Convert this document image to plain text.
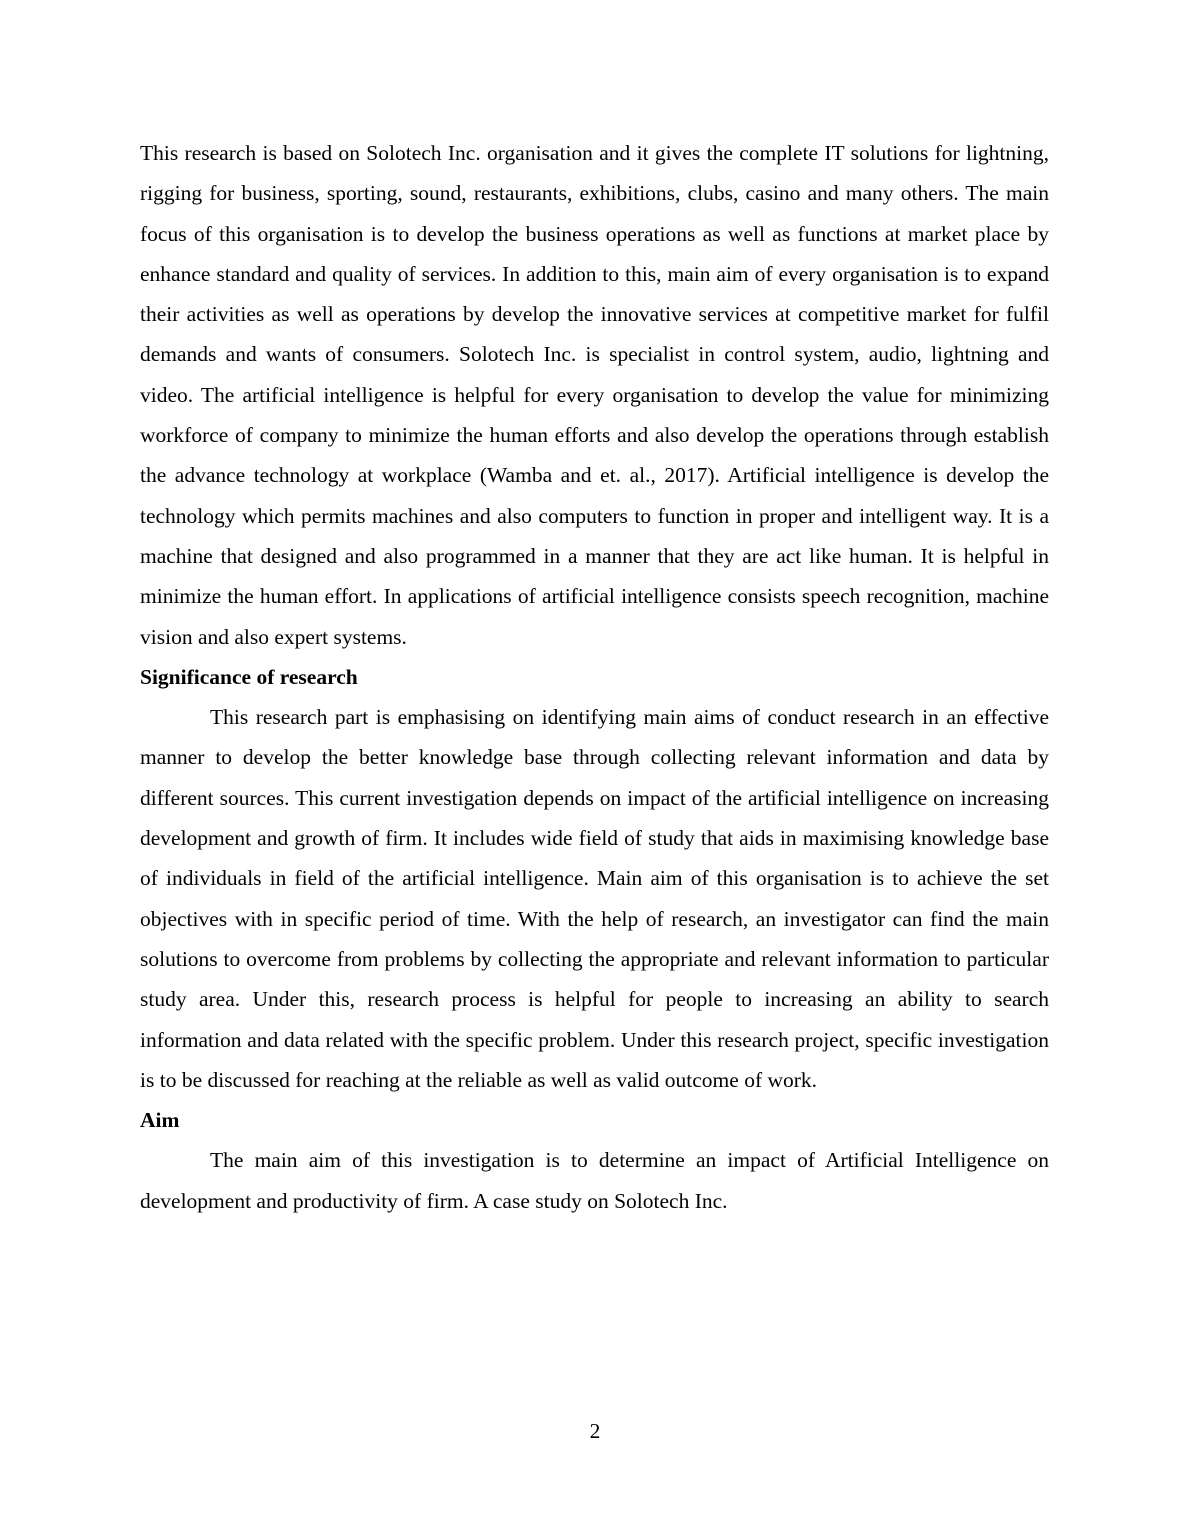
This research is based on Solotech Inc. organisation and it gives the complete IT solutions for lightning, rigging for business, sporting, sound, restaurants, exhibitions, clubs, casino and many others. The main focus of this organisation is to develop the business operations as well as functions at market place by enhance standard and quality of services. In addition to this, main aim of every organisation is to expand their activities as well as operations by develop the innovative services at competitive market for fulfil demands and wants of consumers. Solotech Inc. is specialist in control system, audio, lightning and video. The artificial intelligence is helpful for every organisation to develop the value for minimizing workforce of company to minimize the human efforts and also develop the operations through establish the advance technology at workplace (Wamba and et. al., 2017). Artificial intelligence is develop the technology which permits machines and also computers to function in proper and intelligent way. It is a machine that designed and also programmed in a manner that they are act like human. It is helpful in minimize the human effort. In applications of artificial intelligence consists speech recognition, machine vision and also expert systems.

Significance of research

This research part is emphasising on identifying main aims of conduct research in an effective manner to develop the better knowledge base through collecting relevant information and data by different sources. This current investigation depends on impact of the artificial intelligence on increasing development and growth of firm. It includes wide field of study that aids in maximising knowledge base of individuals in field of the artificial intelligence. Main aim of this organisation is to achieve the set objectives with in specific period of time. With the help of research, an investigator can find the main solutions to overcome from problems by collecting the appropriate and relevant information to particular study area. Under this, research process is helpful for people to increasing an ability to search information and data related with the specific problem. Under this research project, specific investigation is to be discussed for reaching at the reliable as well as valid outcome of work.

Aim

The main aim of this investigation is to determine an impact of Artificial Intelligence on development and productivity of firm. A case study on Solotech Inc.

2
